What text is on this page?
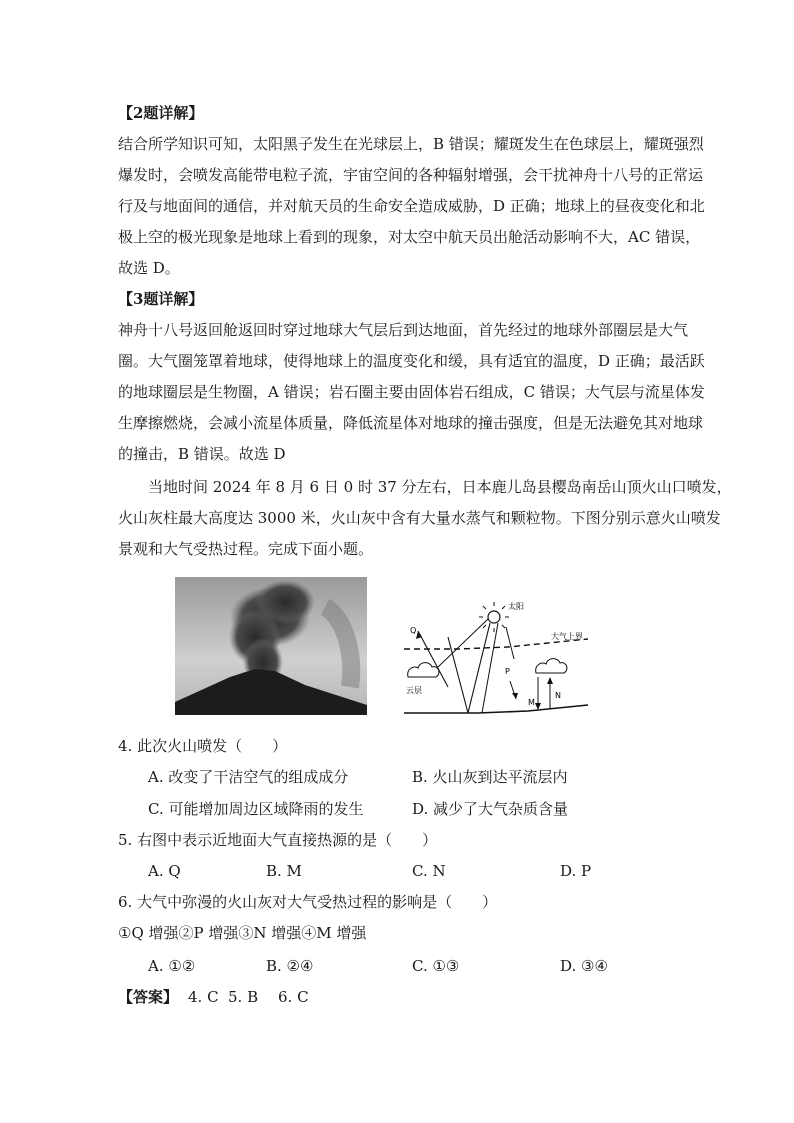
【2题详解】
结合所学知识可知，太阳黑子发生在光球层上，B 错误；耀斑发生在色球层上，耀斑强烈
爆发时，会喷发高能带电粒子流，宇宙空间的各种辐射增强，会干扰神舟十八号的正常运
行及与地面间的通信，并对航天员的生命安全造成威胁，D 正确；地球上的昼夜变化和北
极上空的极光现象是地球上看到的现象，对太空中航天员出舱活动影响不大，AC 错误，
故选 D。
【3题详解】
神舟十八号返回舱返回时穿过地球大气层后到达地面，首先经过的地球外部圈层是大气
圈。大气圈笼罩着地球，使得地球上的温度变化和缓，具有适宜的温度，D 正确；最活跃
的地球圈层是生物圈，A 错误；岩石圈主要由固体岩石组成，C 错误；大气层与流星体发
生摩擦燃烧，会减小流星体质量，降低流星体对地球的撞击强度，但是无法避免其对地球
的撞击，B 错误。故选 D
当地时间 2024 年 8 月 6 日 0 时 37 分左右，日本鹿儿岛县樱岛南岳山顶火山口喷发，
火山灰柱最大高度达 3000 米，火山灰中含有大量水蒸气和颗粒物。下图分别示意火山喷发
景观和大气受热过程。完成下面小题。
太阳
大气上界
云层
Q
P
M
N
4. 此次火山喷发（　　）
A. 改变了干洁空气的组成成分	B. 火山灰到达平流层内
C. 可能增加周边区域降雨的发生	D. 减少了大气杂质含量
5. 右图中表示近地面大气直接热源的是（　　）
A. Q	B. M	C. N	D. P
6. 大气中弥漫的火山灰对大气受热过程的影响是（　　）
①Q 增强②P 增强③N 增强④M 增强
A. ①②	B. ②④	C. ①③	D. ③④
【答案】 4. C 5. B 6. C
